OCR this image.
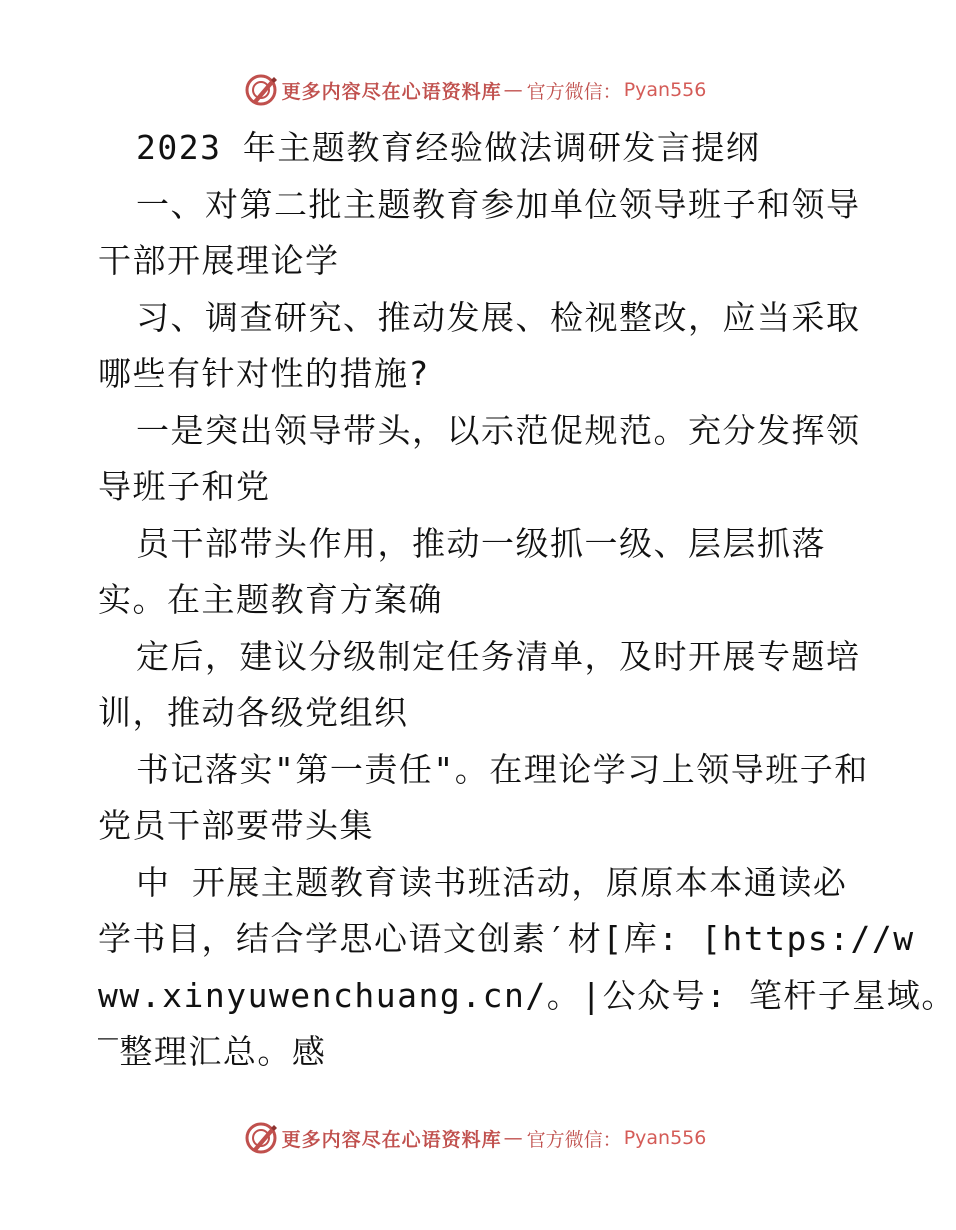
更多内容尽在心语资料库 — 官方微信： Pyan556
2023 年主题教育经验做法调研发言提纲
一、对第二批主题教育参加单位领导班子和领导
干部开展理论学
习、调查研究、推动发展、检视整改，应当采取
哪些有针对性的措施?
一是突出领导带头，以示范促规范。充分发挥领
导班子和党
员干部带头作用，推动一级抓一级、层层抓落
实。在主题教育方案确
定后，建议分级制定任务清单，及时开展专题培
训，推动各级党组织
书记落实"第一责任"。在理论学习上领导班子和
党员干部要带头集
中 开展主题教育读书班活动，原原本本通读必
学书目，结合学思心语文创素′材[库: [https://w
ww.xinyuwenchuang.cn/。|公众号: 笔杆子星域。
‾整理汇总。感
更多内容尽在心语资料库 — 官方微信： Pyan556
